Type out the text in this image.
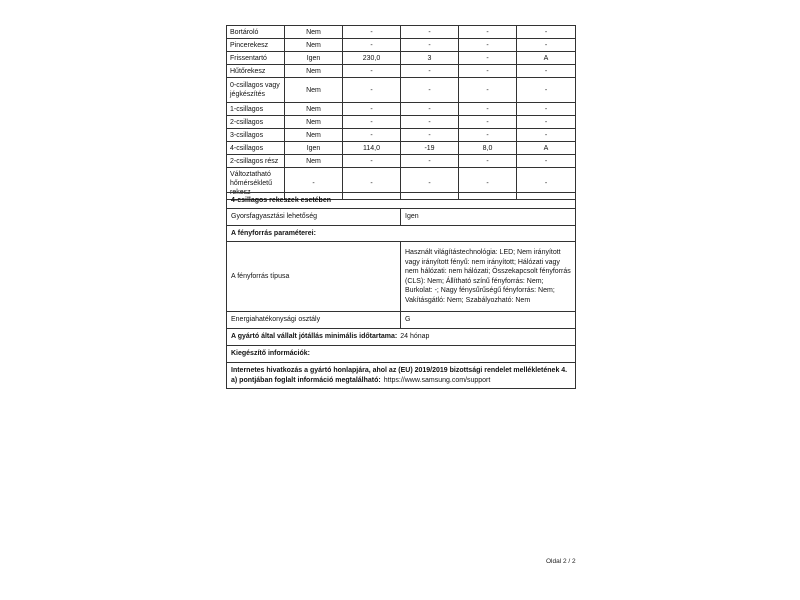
Bortároló	Nem	-	-	-	-
Pincerekesz	Nem	-	-	-	-
Frissentartó	Igen	230,0	3	-	A
Hűtőrekesz	Nem	-	-	-	-
0-csillagos vagy jégkészítés	Nem	-	-	-	-
1-csillagos	Nem	-	-	-	-
2-csillagos	Nem	-	-	-	-
3-csillagos	Nem	-	-	-	-
4-csillagos	Igen	114,0	-19	8,0	A
2-csillagos rész	Nem	-	-	-	-
Változtatható hőmérsékletű rekesz	-	-	-	-	-
4-csillagos rekeszek esetében	
Gyorsfagyasztási lehetőség	Igen
A fényforrás paraméterei:	
A fényforrás típusa	Használt világítástechnológia: LED; Nem irányított vagy irányított fényű: nem irányított; Hálózati vagy nem hálózati: nem hálózati; Összekapcsolt fényforrás (CLS): Nem; Állítható színű fényforrás: Nem; Burkolat: -; Nagy fénysűrűségű fényforrás: Nem; Vakításgátló: Nem; Szabályozható: Nem
Energiahatékonysági osztály	G
A gyártó által vállalt jótállás minimális időtartama: 24 hónap	
Kiegészítő információk:	
Internetes hivatkozás a gyártó honlapjára, ahol az (EU) 2019/2019 bizottsági rendelet mellékletének 4. a) pontjában foglalt információ megtalálható: https://www.samsung.com/support	
Oldal 2 / 2
